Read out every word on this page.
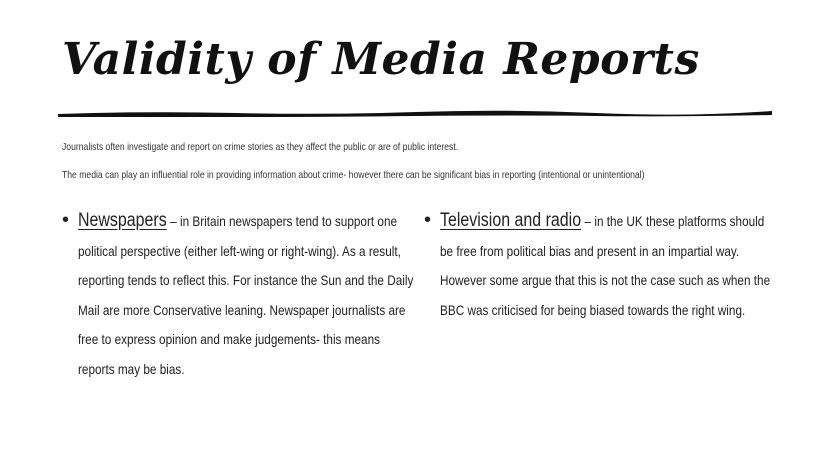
Validity of Media Reports
Journalists often investigate and report on crime stories as they affect the public or are of public interest.
The media can play an influential role in providing information about crime- however there can be significant bias in reporting (intentional or unintentional)
• Newspapers – in Britain newspapers tend to support one political perspective (either left-wing or right-wing). As a result, reporting tends to reflect this. For instance the Sun and the Daily Mail are more Conservative leaning. Newspaper journalists are free to express opinion and make judgements- this means reports may be bias.
• Television and radio – in the UK these platforms should be free from political bias and present in an impartial way. However some argue that this is not the case such as when the BBC was criticised for being biased towards the right wing.
